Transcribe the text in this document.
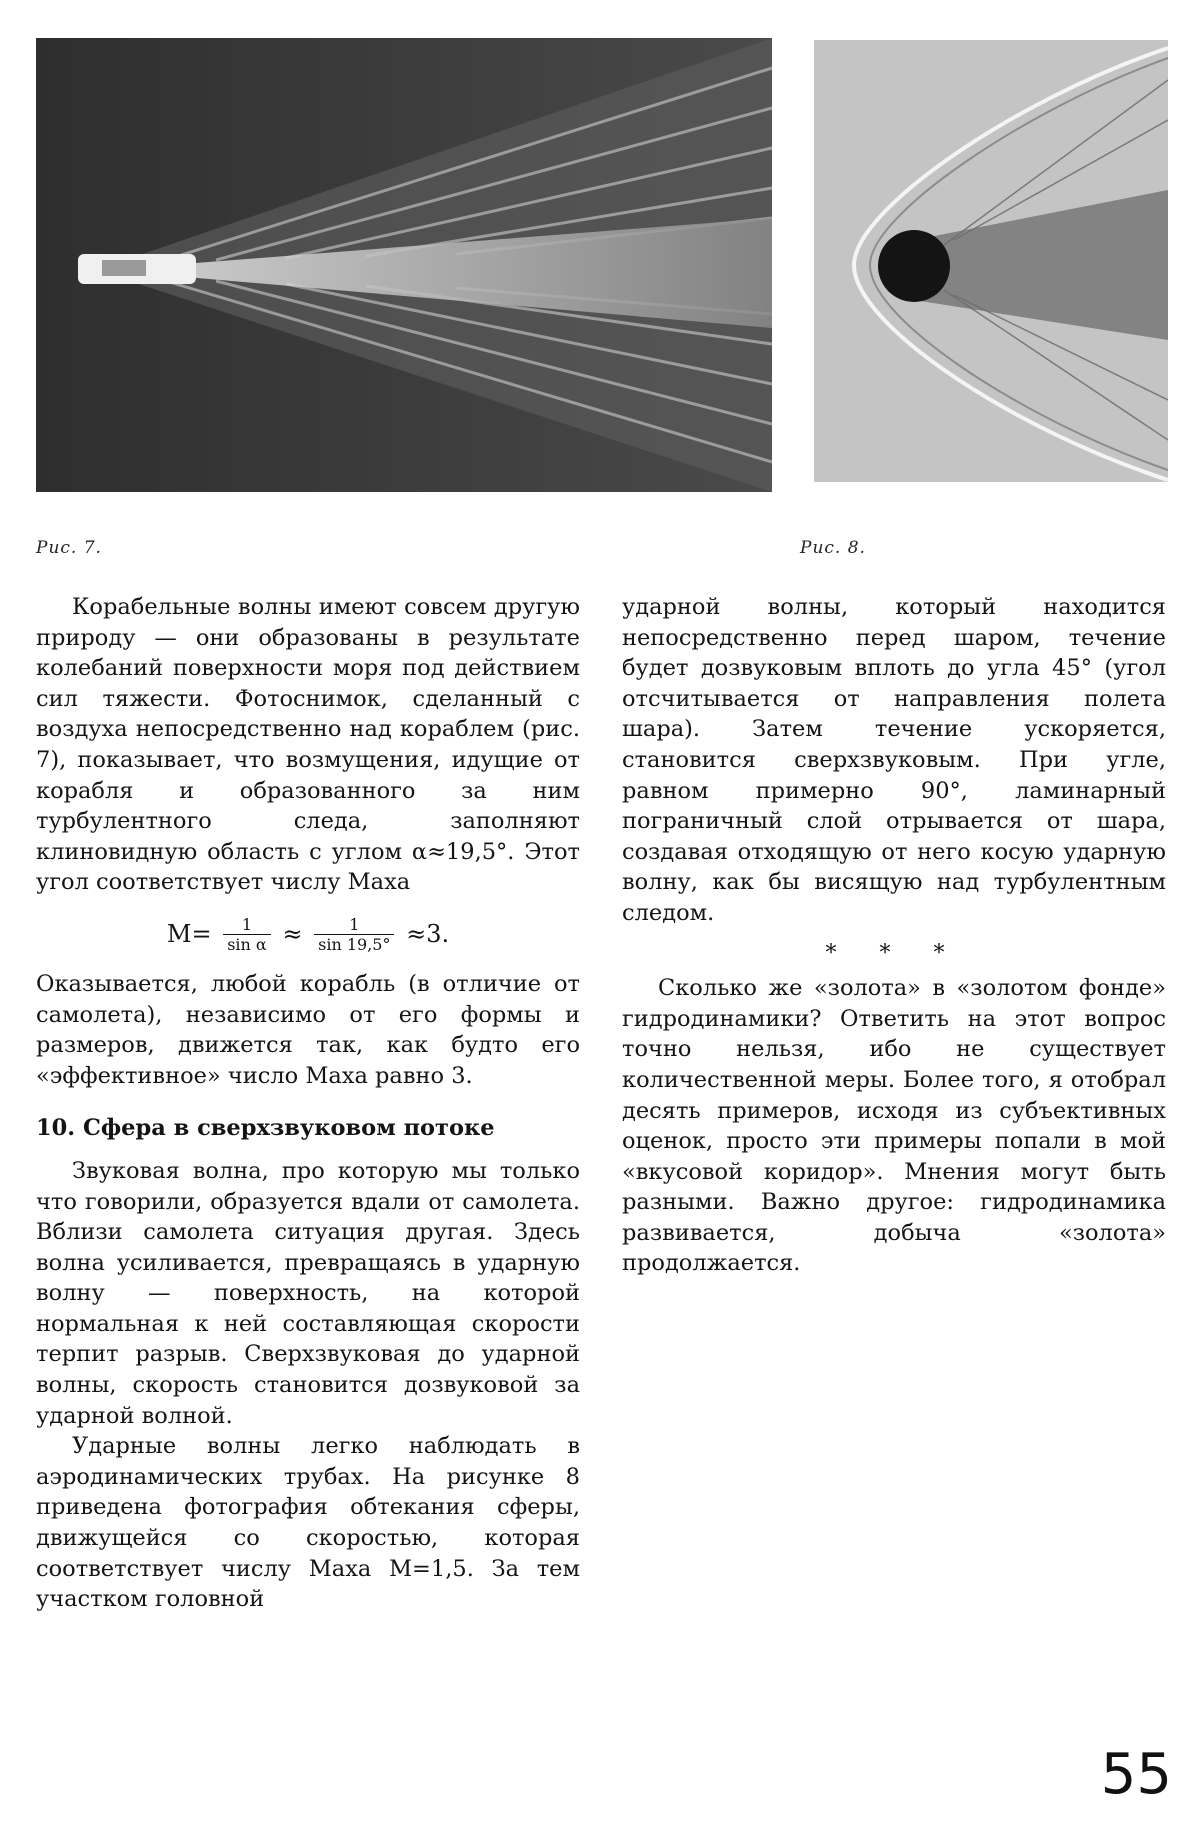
Рис. 7.	Рис. 8.

Корабельные волны имеют совсем другую природу — они образованы в результате колебаний поверхности моря под действием сил тяжести. Фотоснимок, сделанный с воздуха непосредственно над кораблем (рис. 7), показывает, что возмущения, идущие от корабля и образованного за ним турбулентного следа, заполняют клиновидную область с углом α≈19,5°. Этот угол соответствует числу Маха

$M= \frac{1}{\text{sin α}} \approx \frac{1}{\sin 19,5^\circ} \approx 3$.

Оказывается, любой корабль (в отличие от самолета), независимо от его формы и размеров, движется так, как будто его «эффективное» число Маха равно 3.

10. Сфера в сверхзвуковом потоке

Звуковая волна, про которую мы только что говорили, образуется вдали от самолета. Вблизи самолета ситуация другая. Здесь волна усиливается, превращаясь в ударную волну — поверхность, на которой нормальная к ней составляющая скорости терпит разрыв. Сверхзвуковая до ударной волны, скорость становится дозвуковой за ударной волной.

Ударные волны легко наблюдать в аэродинамических трубах. На рисунке 8 приведена фотография обтекания сферы, движущейся со скоростью, которая соответствует числу Маха M=1,5. За тем участком головной

ударной волны, который находится непосредственно перед шаром, течение будет дозвуковым вплоть до угла 45° (угол отсчитывается от направления полета шара). Затем течение ускоряется, становится сверхзвуковым. При угле, равном примерно 90°, ламинарный пограничный слой отрывается от шара, создавая отходящую от него косую ударную волну, как бы висящую над турбулентным следом.

* * *

Сколько же «золота» в «золотом фонде» гидродинамики? Ответить на этот вопрос точно нельзя, ибо не существует количественной меры. Более того, я отобрал десять примеров, исходя из субъективных оценок, просто эти примеры попали в мой «вкусовой коридор». Мнения могут быть разными. Важно другое: гидродинамика развивается, добыча «золота» продолжается.

55
